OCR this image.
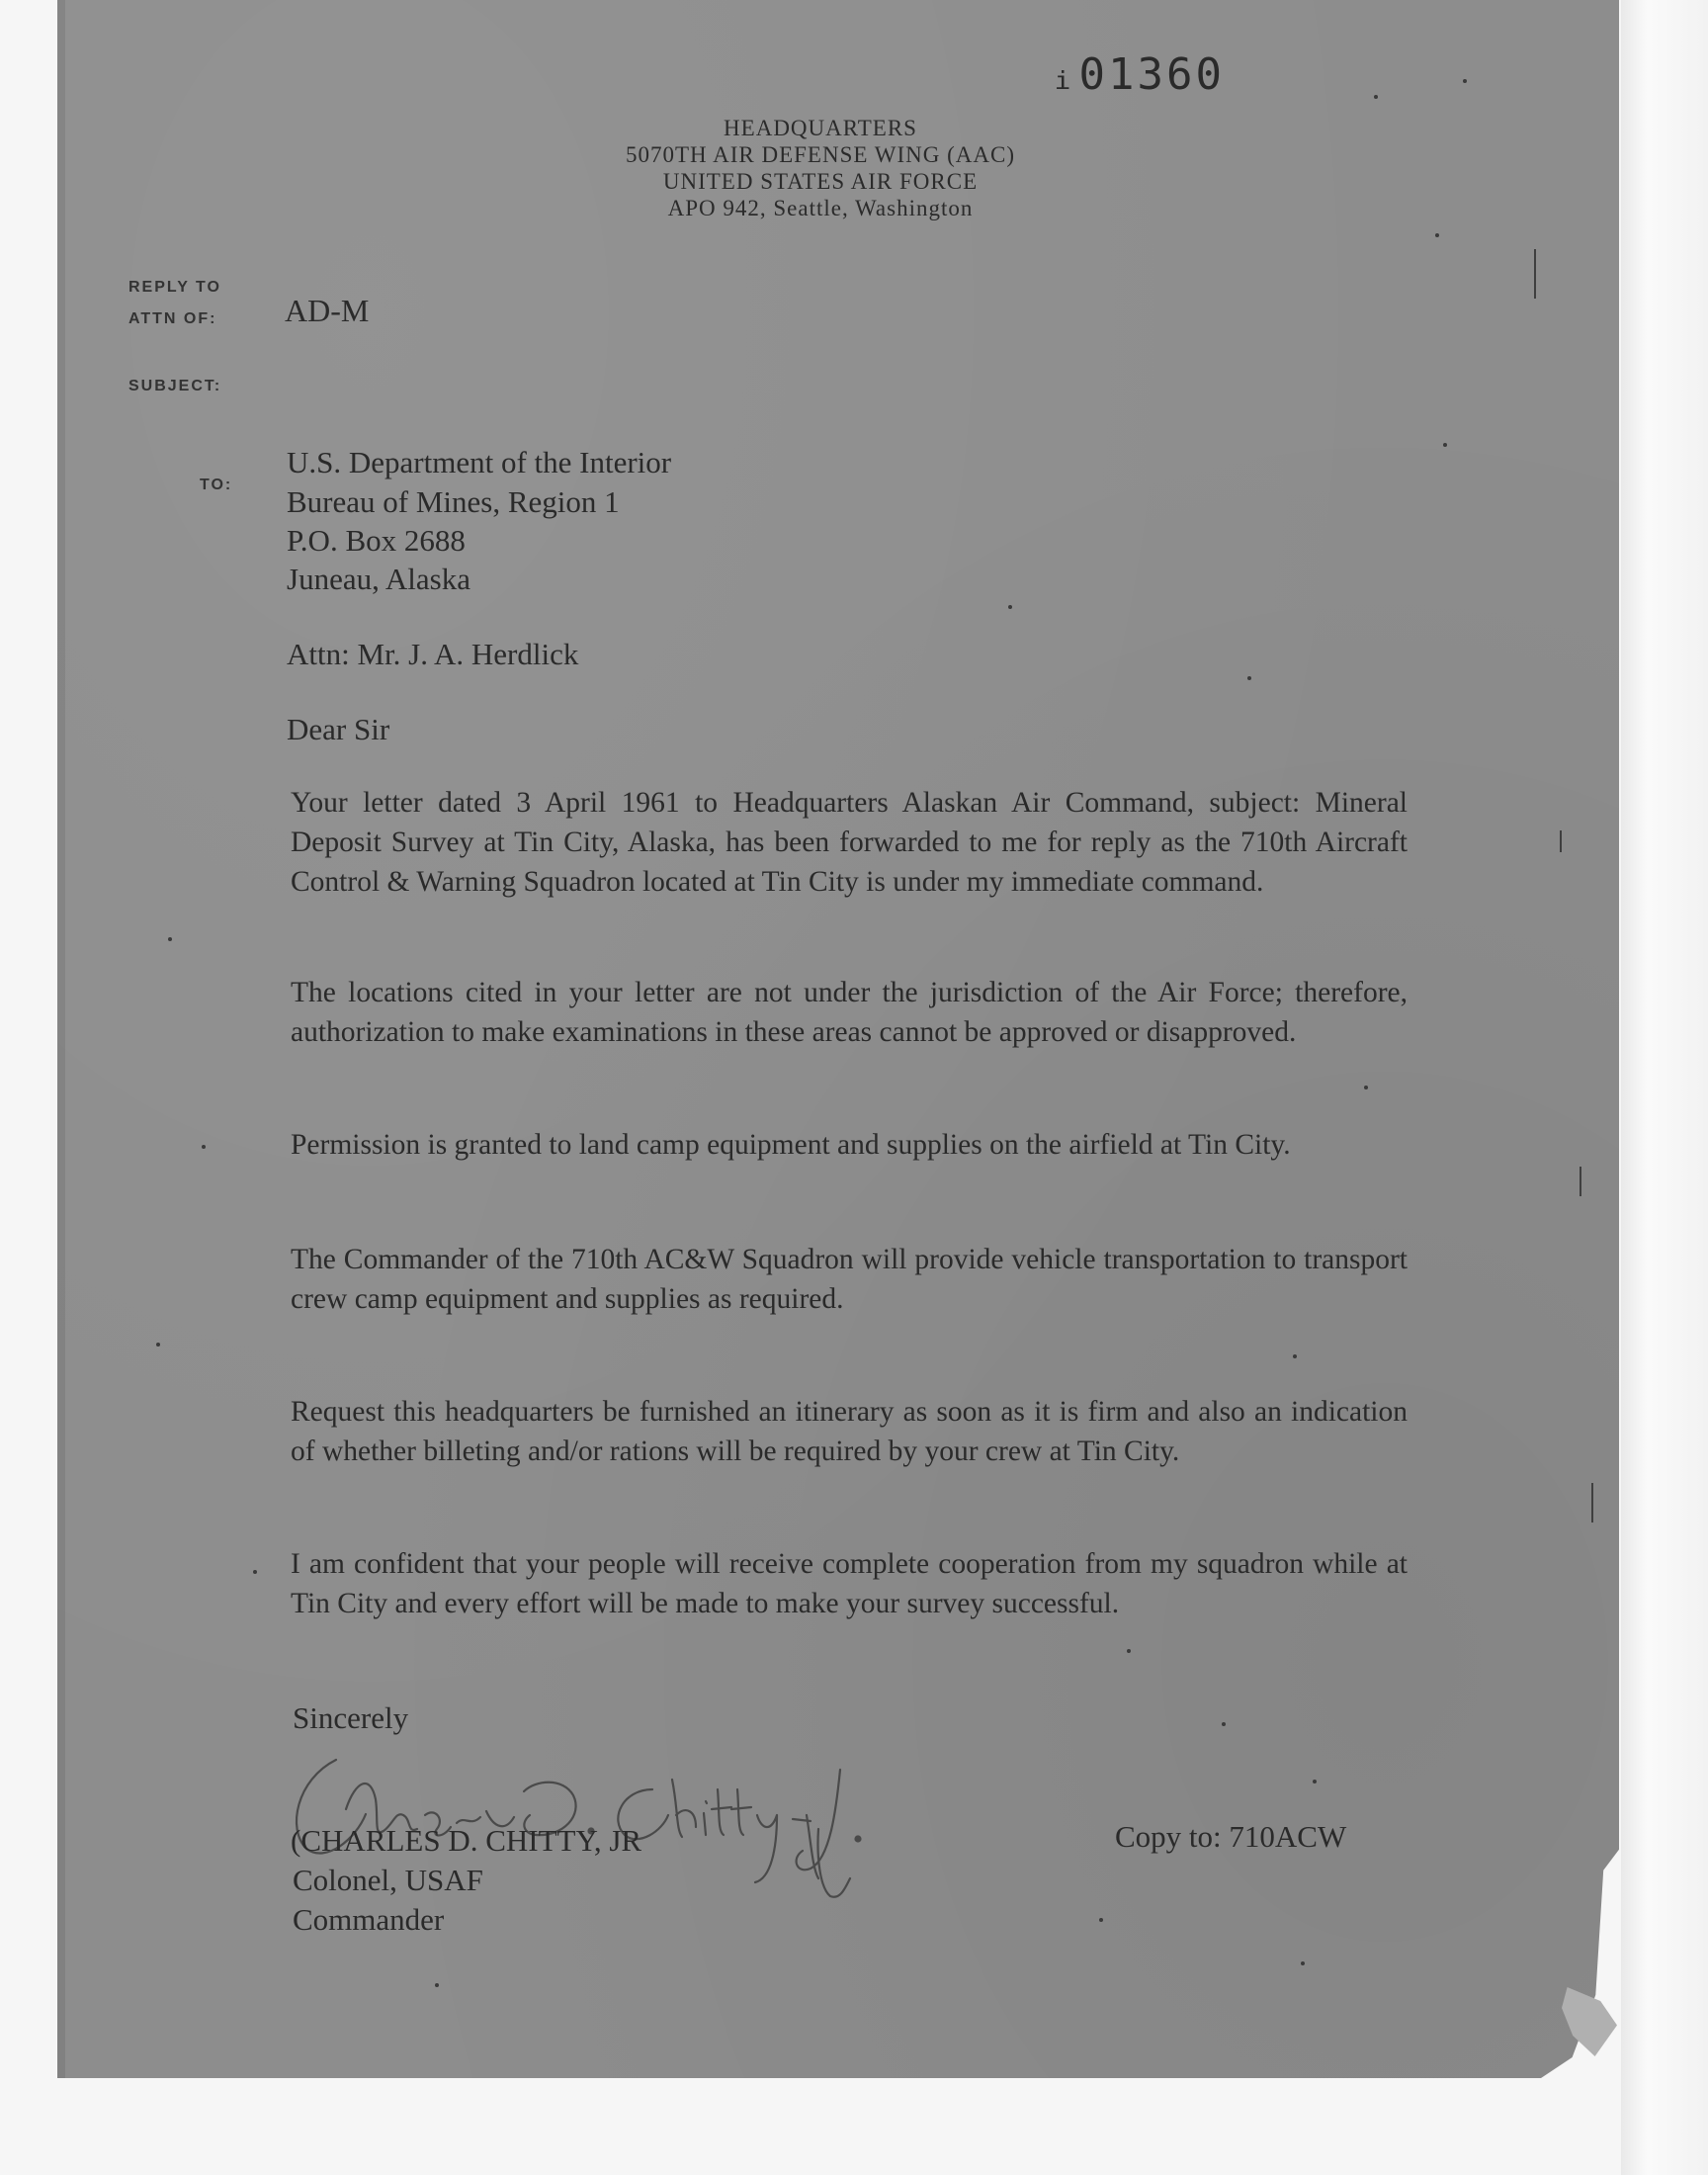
ᵢ01360
HEADQUARTERS
5070TH AIR DEFENSE WING (AAC)
UNITED STATES AIR FORCE
APO 942, Seattle, Washington
REPLY TO
ATTN OF:
SUBJECT:
TO:
AD-M
U.S. Department of the Interior
Bureau of Mines, Region 1
P.O. Box 2688
Juneau, Alaska
Attn: Mr. J. A. Herdlick
Dear Sir
Your letter dated 3 April 1961 to Headquarters Alaskan Air Command, subject: Mineral Deposit Survey at Tin City, Alaska, has been forwarded to me for reply as the 710th Aircraft Control & Warning Squadron located at Tin City is under my immediate command.
The locations cited in your letter are not under the jurisdiction of the Air Force; therefore, authorization to make examinations in these areas cannot be approved or disapproved.
Permission is granted to land camp equipment and supplies on the airfield at Tin City.
The Commander of the 710th AC&W Squadron will provide vehicle transportation to transport crew camp equipment and supplies as required.
Request this headquarters be furnished an itinerary as soon as it is firm and also an indication of whether billeting and/or rations will be required by your crew at Tin City.
I am confident that your people will receive complete cooperation from my squadron while at Tin City and every effort will be made to make your survey successful.
Sincerely
(CHARLES D. CHITTY, JR
Colonel, USAF
Commander
Copy to: 710ACW
